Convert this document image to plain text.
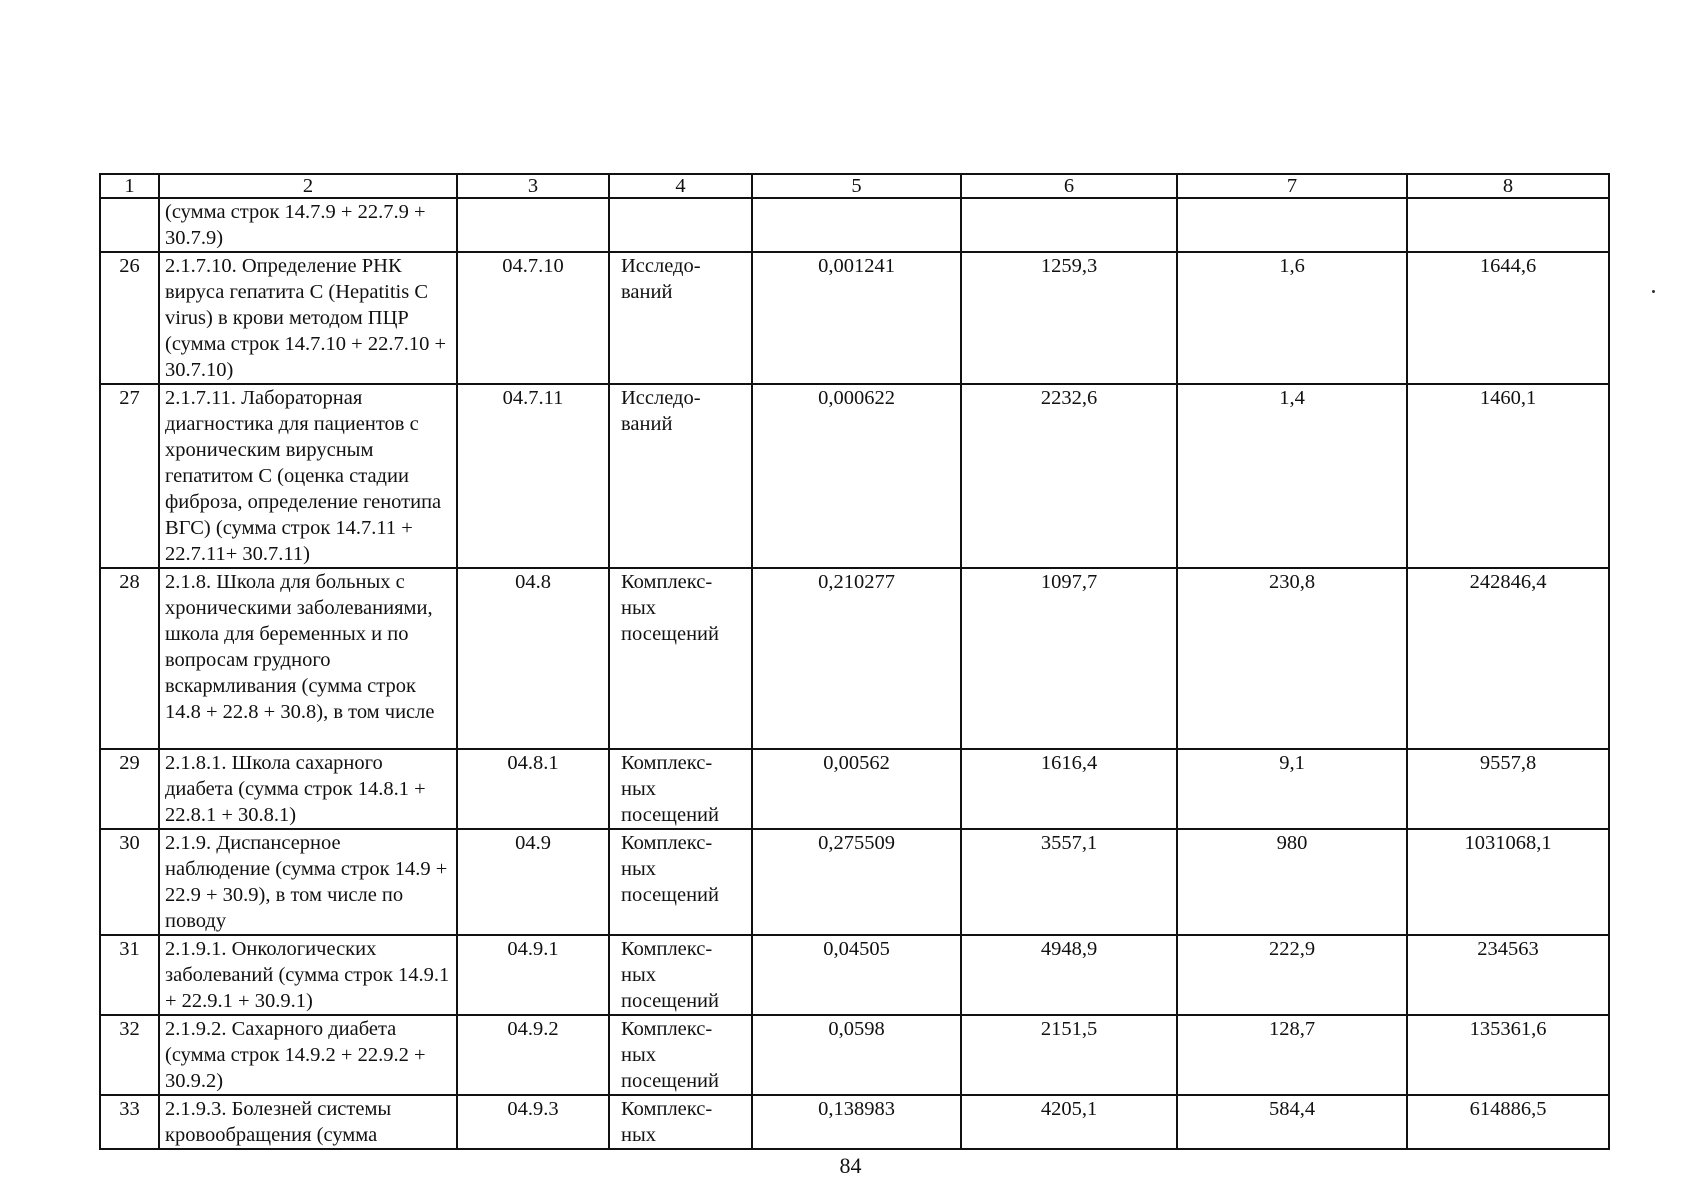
1	2	3	4	5	6	7	8
	(сумма строк 14.7.9 + 22.7.9 + 30.7.9)						
26	2.1.7.10. Определение РНК вируса гепатита С (Hepatitis С virus) в крови методом ПЦР (сумма строк 14.7.10 + 22.7.10 + 30.7.10)	04.7.10	Исследо-ваний	0,001241	1259,3	1,6	1644,6
27	2.1.7.11. Лабораторная диагностика для пациентов с хроническим вирусным гепатитом С (оценка стадии фиброза, определение генотипа ВГС) (сумма строк 14.7.11 + 22.7.11+ 30.7.11)	04.7.11	Исследо-ваний	0,000622	2232,6	1,4	1460,1
28	2.1.8. Школа для больных с хроническими заболеваниями, школа для беременных и по вопросам грудного вскармливания (сумма строк 14.8 + 22.8 + 30.8), в том числе	04.8	Комплекс-ных посещений	0,210277	1097,7	230,8	242846,4
29	2.1.8.1. Школа сахарного диабета (сумма строк 14.8.1 + 22.8.1 + 30.8.1)	04.8.1	Комплекс-ных посещений	0,00562	1616,4	9,1	9557,8
30	2.1.9. Диспансерное наблюдение (сумма строк 14.9 + 22.9 + 30.9), в том числе по поводу	04.9	Комплекс-ных посещений	0,275509	3557,1	980	1031068,1
31	2.1.9.1. Онкологических заболеваний (сумма строк 14.9.1 + 22.9.1 + 30.9.1)	04.9.1	Комплекс-ных посещений	0,04505	4948,9	222,9	234563
32	2.1.9.2. Сахарного диабета (сумма строк 14.9.2 + 22.9.2 + 30.9.2)	04.9.2	Комплекс-ных посещений	0,0598	2151,5	128,7	135361,6
33	2.1.9.3. Болезней системы кровообращения (сумма	04.9.3	Комплекс-ных	0,138983	4205,1	584,4	614886,5
84
